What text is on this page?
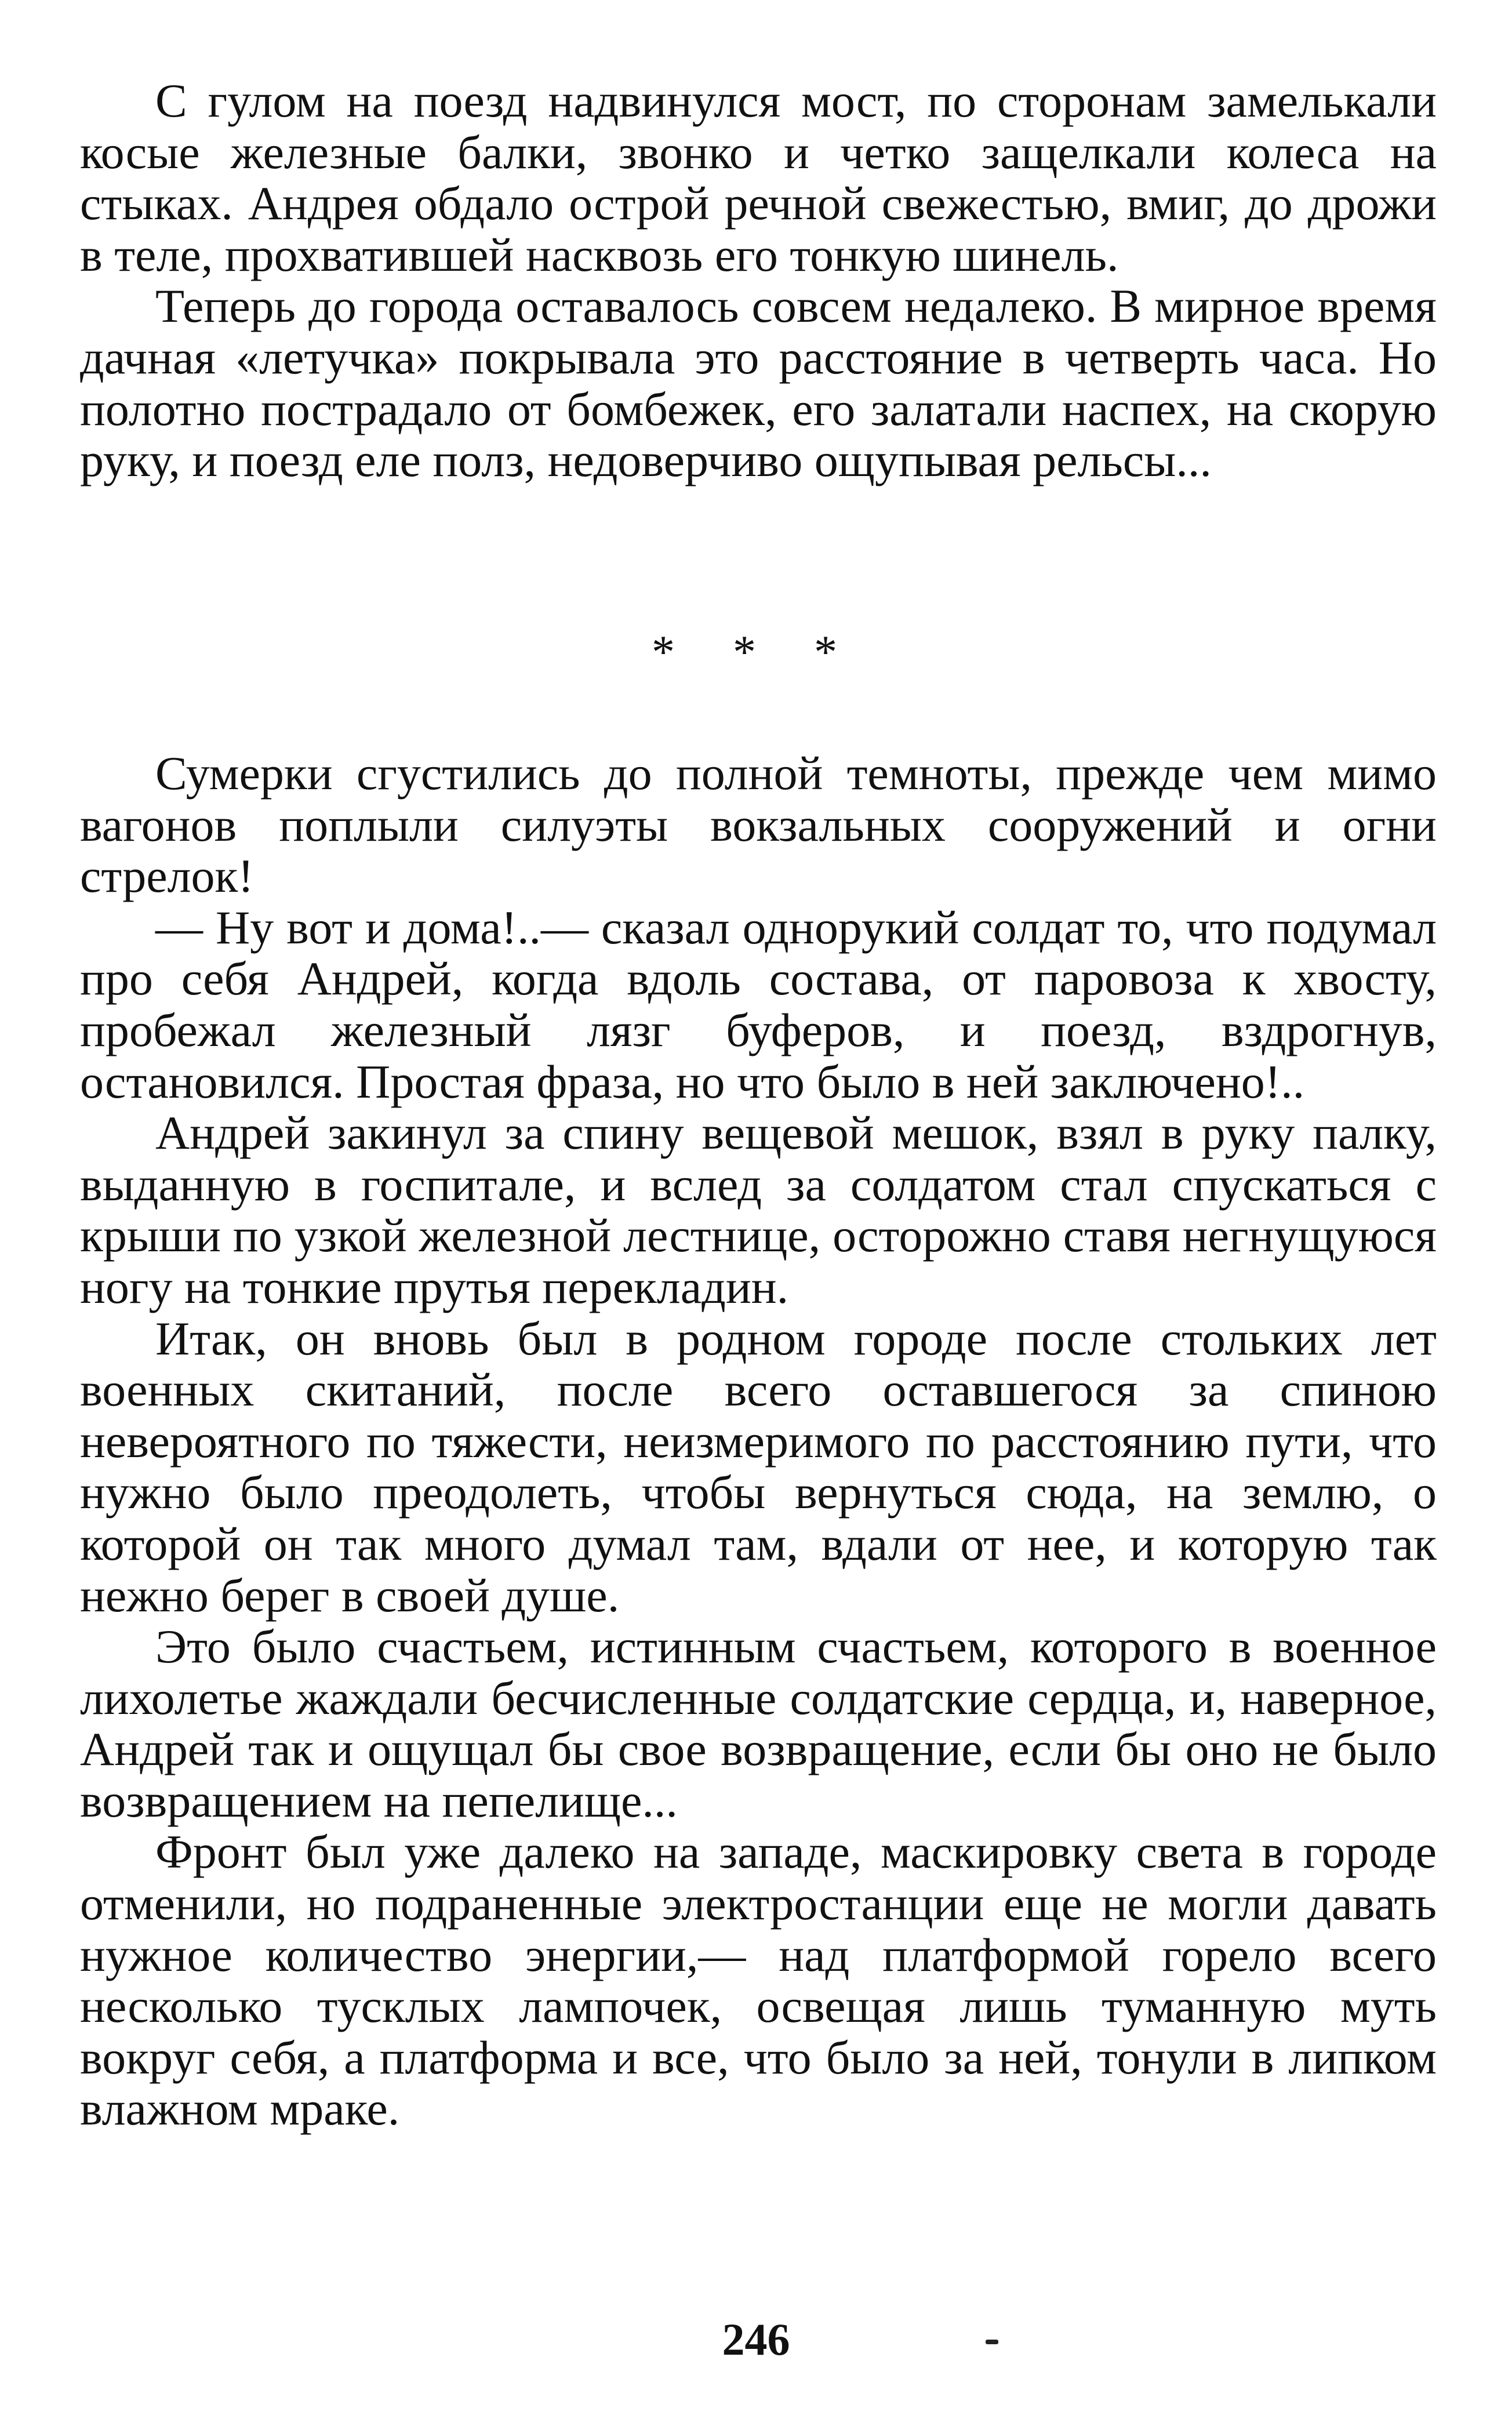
С гулом на поезд надвинулся мост, по сторонам замелькали косые железные балки, звонко и четко защелкали колеса на стыках. Андрея обдало острой речной свежестью, вмиг, до дрожи в теле, прохватившей насквозь его тонкую шинель.

Теперь до города оставалось совсем недалеко. В мирное время дачная «летучка» покрывала это расстояние в четверть часа. Но полотно пострадало от бомбежек, его залатали наспех, на скорую руку, и поезд еле полз, недоверчиво ощупывая рельсы...

* * *

Сумерки сгустились до полной темноты, прежде чем мимо вагонов поплыли силуэты вокзальных сооружений и огни стрелок!

— Ну вот и дома!..— сказал однорукий солдат то, что подумал про себя Андрей, когда вдоль состава, от паровоза к хвосту, пробежал железный лязг буферов, и поезд, вздрогнув, остановился. Простая фраза, но что было в ней заключено!..

Андрей закинул за спину вещевой мешок, взял в руку палку, выданную в госпитале, и вслед за солдатом стал спускаться с крыши по узкой железной лестнице, осторожно ставя негнущуюся ногу на тонкие прутья перекладин.

Итак, он вновь был в родном городе после стольких лет военных скитаний, после всего оставшегося за спиною невероятного по тяжести, неизмеримого по расстоянию пути, что нужно было преодолеть, чтобы вернуться сюда, на землю, о которой он так много думал там, вдали от нее, и которую так нежно берег в своей душе.

Это было счастьем, истинным счастьем, которого в военное лихолетье жаждали бесчисленные солдатские сердца, и, наверное, Андрей так и ощущал бы свое возвращение, если бы оно не было возвращением на пепелище...

Фронт был уже далеко на западе, маскировку света в городе отменили, но подраненные электростанции еще не могли давать нужное количество энергии,— над платформой горело всего несколько тусклых лампочек, освещая лишь туманную муть вокруг себя, а платформа и все, что было за ней, тонули в липком влажном мраке.

246
